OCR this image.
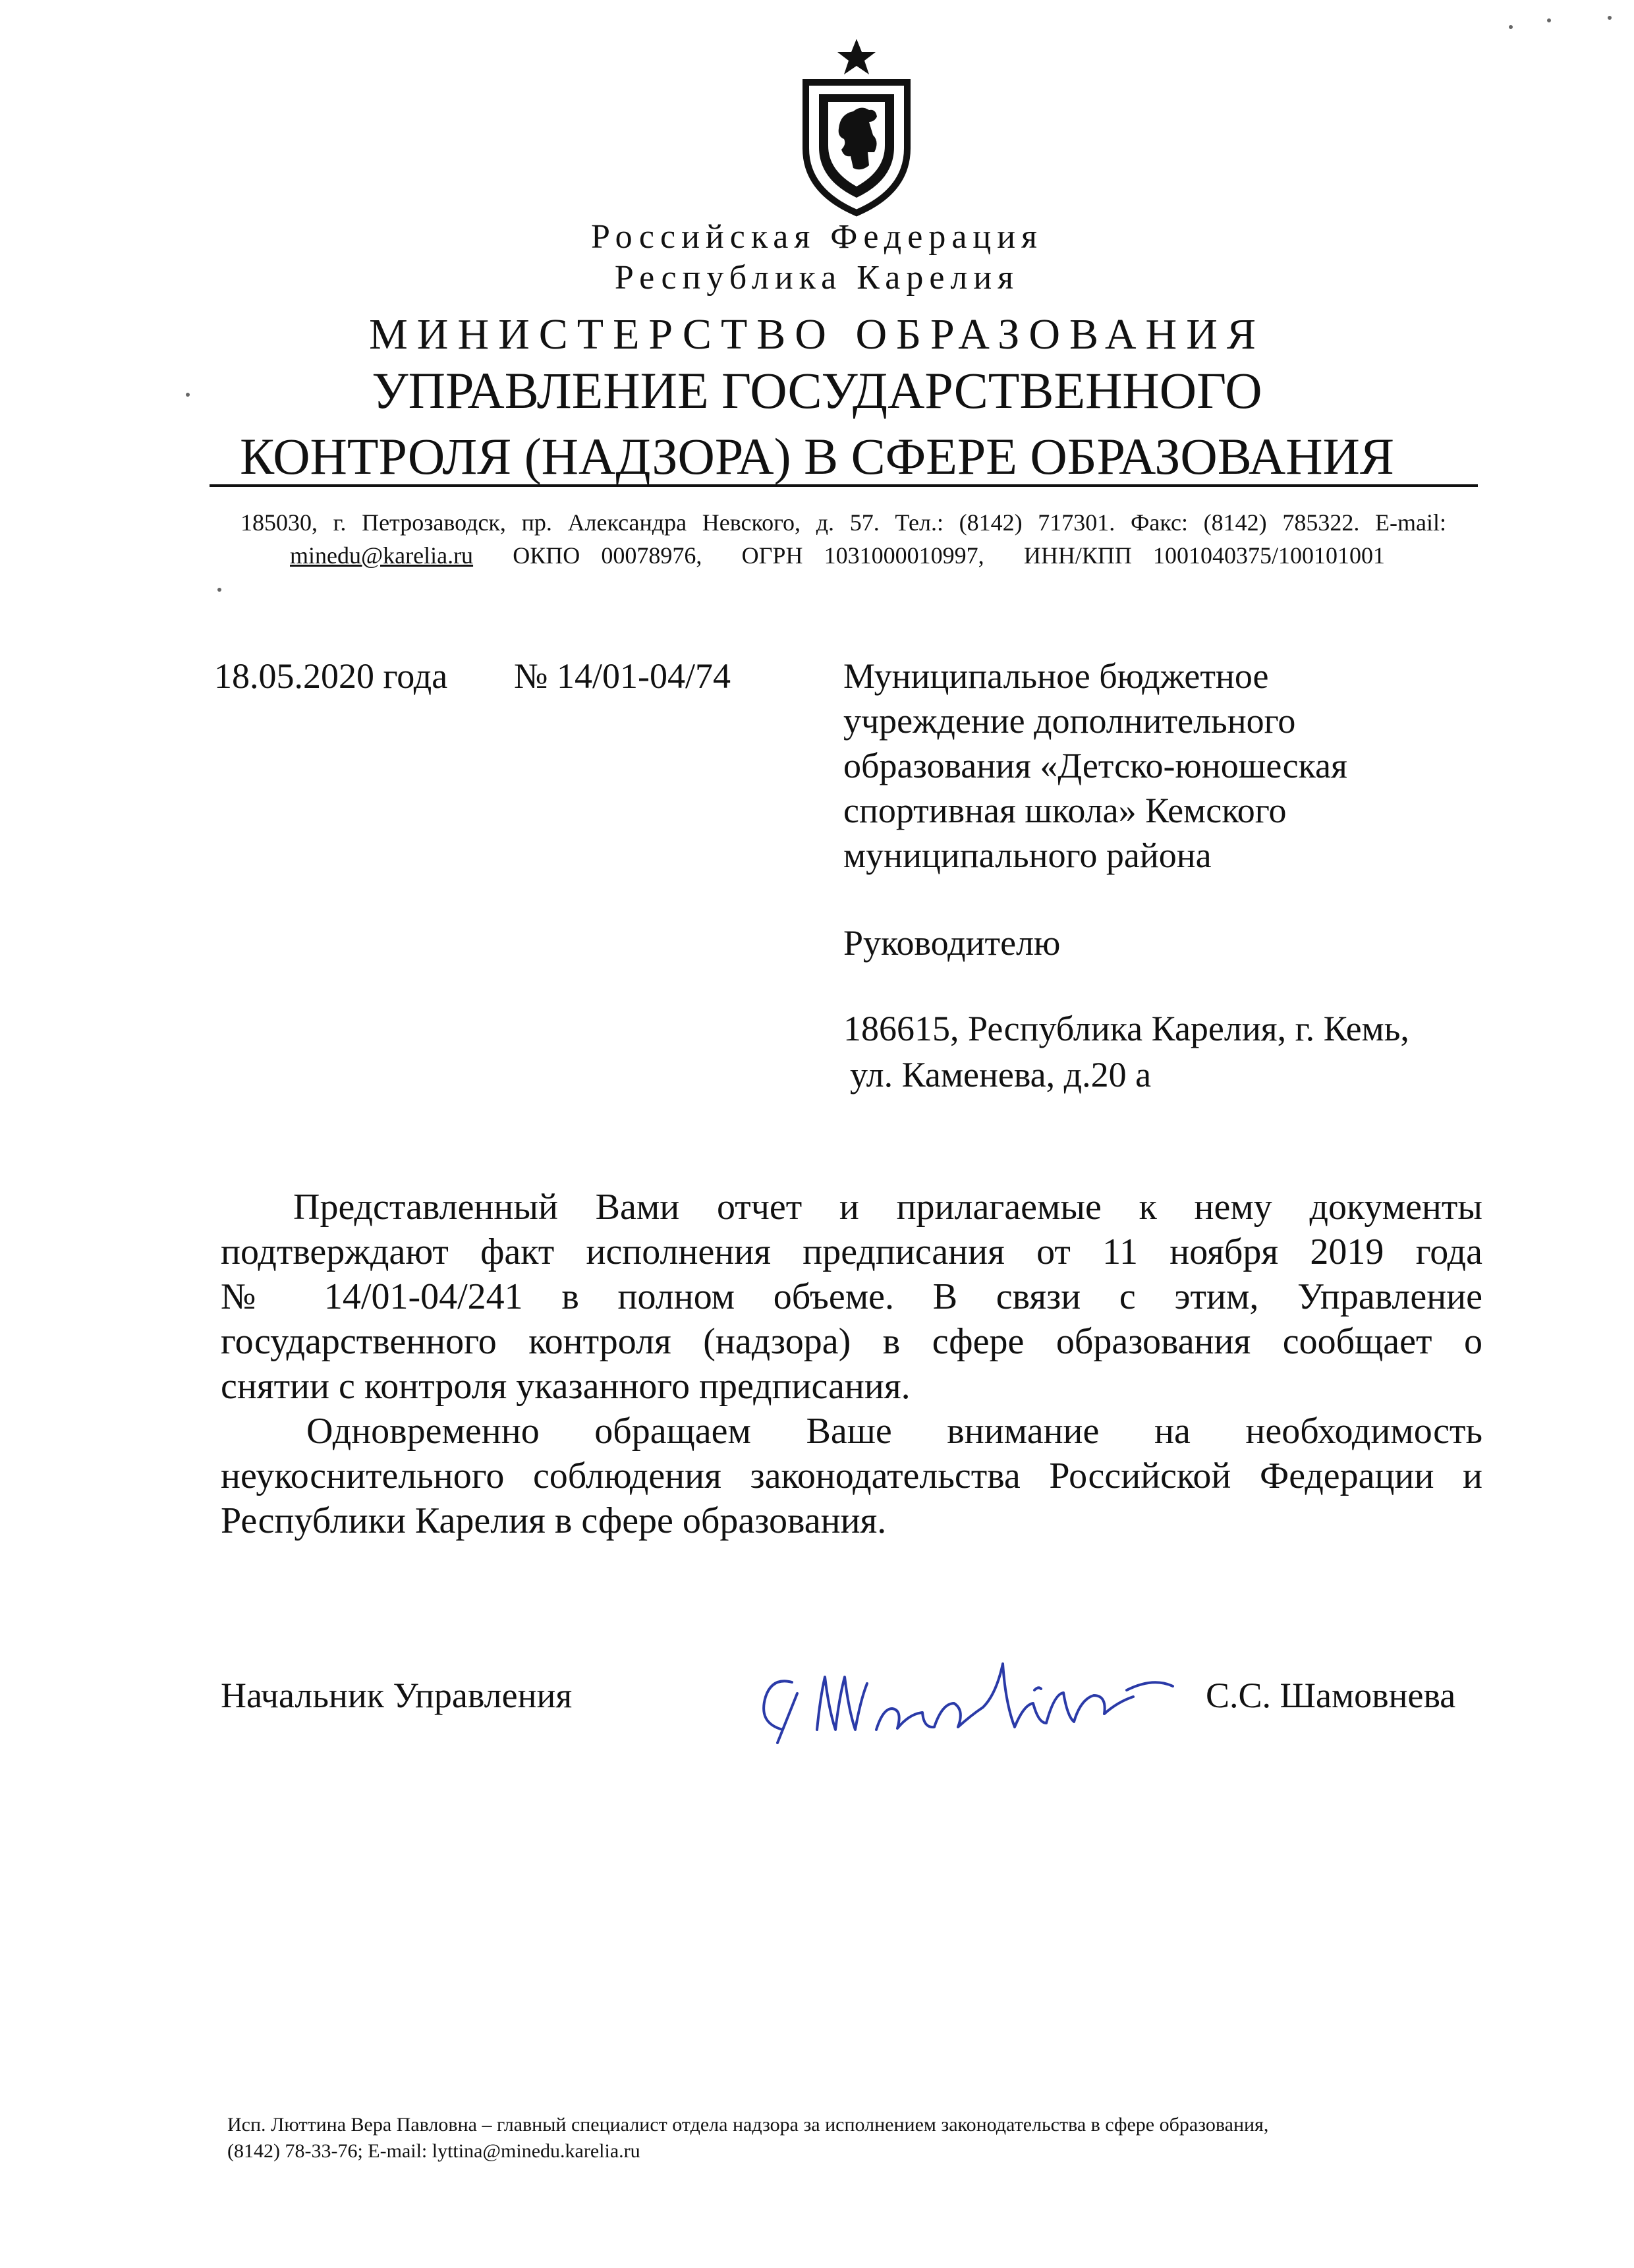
Российская Федерация
Республика Карелия
МИНИСТЕРСТВО ОБРАЗОВАНИЯ
УПРАВЛЕНИЕ ГОСУДАРСТВЕННОГО
КОНТРОЛЯ (НАДЗОРА) В СФЕРЕ ОБРАЗОВАНИЯ
185030, г. Петрозаводск, пр. Александра Невского, д. 57. Тел.: (8142) 717301. Факс: (8142) 785322. E-mail:
minedu@karelia.ru ОКПО 00078976, ОГРН 1031000010997, ИНН/КПП 1001040375/100101001
18.05.2020 года № 14/01-04/74	Муниципальное бюджетное
учреждение дополнительного
образования «Детско-юношеская
спортивная школа» Кемского
муниципального района
Руководителю
186615, Республика Карелия, г. Кемь,
ул. Каменева, д.20 а
Представленный Вами отчет и прилагаемые к нему документы
подтверждают факт исполнения предписания от 11 ноября 2019 года
№ 14/01-04/241 в полном объеме. В связи с этим, Управление
государственного контроля (надзора) в сфере образования сообщает о
снятии с контроля указанного предписания.
Одновременно обращаем Ваше внимание на необходимость
неукоснительного соблюдения законодательства Российской Федерации и
Республики Карелия в сфере образования.
Начальник Управления	С.С. Шамовнева
Исп. Люттина Вера Павловна – главный специалист отдела надзора за исполнением законодательства в сфере образования,
(8142) 78-33-76; E-mail: lyttina@minedu.karelia.ru
